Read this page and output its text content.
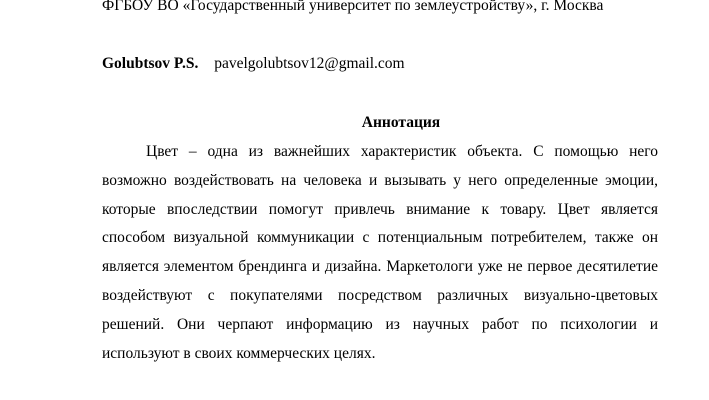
ФГБОУ ВО «Государственный университет по землеустройству», г. Москва
Golubtsov P.S. pavelgolubtsov12@gmail.com
Аннотация

Цвет – одна из важнейших характеристик объекта. С помощью него возможно воздействовать на человека и вызывать у него определенные эмоции, которые впоследствии помогут привлечь внимание к товару. Цвет является способом визуальной коммуникации с потенциальным потребителем, также он является элементом брендинга и дизайна. Маркетологи уже не первое десятилетие воздействуют с покупателями посредством различных визуально-цветовых решений. Они черпают информацию из научных работ по психологии и используют в своих коммерческих целях.
